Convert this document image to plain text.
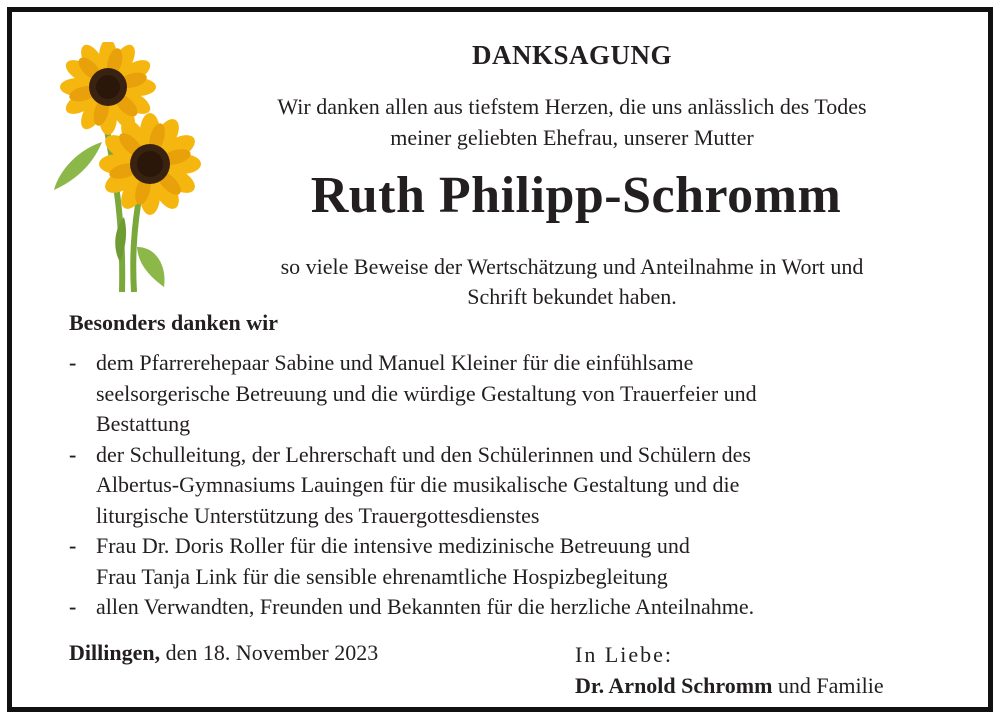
DANKSAGUNG
Wir danken allen aus tiefstem Herzen, die uns anlässlich des Todes
meiner geliebten Ehefrau, unserer Mutter
Ruth Philipp-Schromm
so viele Beweise der Wertschätzung und Anteilnahme in Wort und
Schrift bekundet haben.
Besonders danken wir
- dem Pfarrerehepaar Sabine und Manuel Kleiner für die einfühlsame
seelsorgerische Betreuung und die würdige Gestaltung von Trauerfeier und
Bestattung
- der Schulleitung, der Lehrerschaft und den Schülerinnen und Schülern des
Albertus-Gymnasiums Lauingen für die musikalische Gestaltung und die
liturgische Unterstützung des Trauergottesdienstes
- Frau Dr. Doris Roller für die intensive medizinische Betreuung und
Frau Tanja Link für die sensible ehrenamtliche Hospizbegleitung
- allen Verwandten, Freunden und Bekannten für die herzliche Anteilnahme.
Dillingen, den 18. November 2023	In Liebe:
Dr. Arnold Schromm und Familie
